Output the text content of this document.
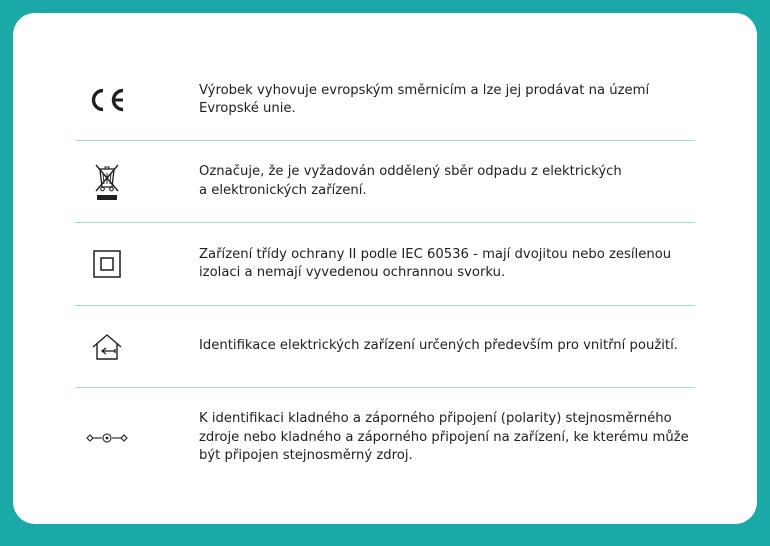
Výrobek vyhovuje evropským směrnicím a lze jej prodávat na území
Evropské unie.
Označuje, že je vyžadován oddělený sběr odpadu z elektrických
a elektronických zařízení.
Zařízení třídy ochrany II podle IEC 60536 - mají dvojitou nebo zesílenou
izolaci a nemají vyvedenou ochrannou svorku.
Identifikace elektrických zařízení určených především pro vnitřní použití.
K identifikaci kladného a záporného připojení (polarity) stejnosměrného
zdroje nebo kladného a záporného připojení na zařízení, ke kterému může
být připojen stejnosměrný zdroj.
